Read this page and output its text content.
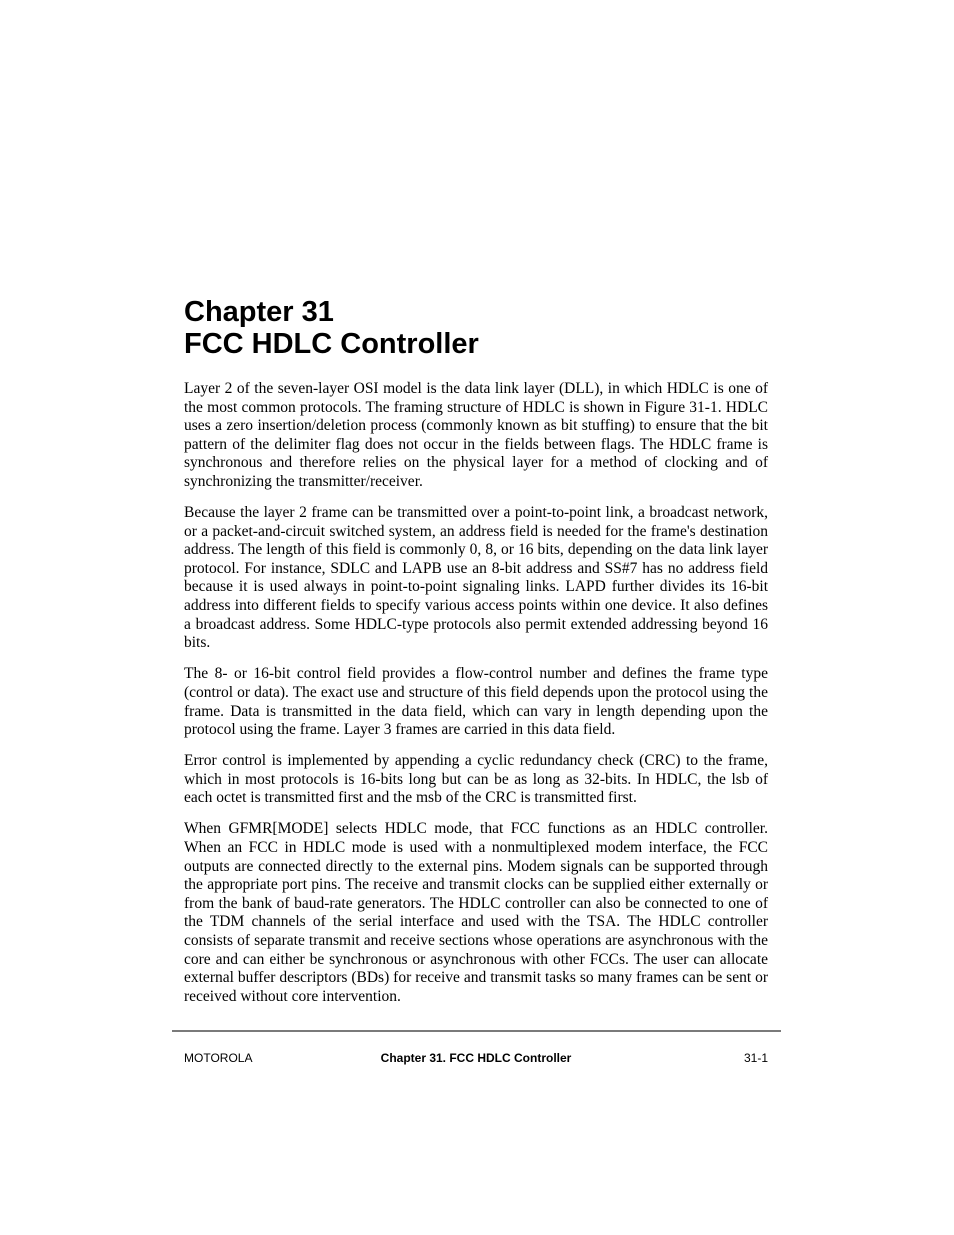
Chapter 31
FCC HDLC Controller

Layer 2 of the seven-layer OSI model is the data link layer (DLL), in which HDLC is one of the most common protocols. The framing structure of HDLC is shown in Figure 31-1. HDLC uses a zero insertion/deletion process (commonly known as bit stuffing) to ensure that the bit pattern of the delimiter flag does not occur in the fields between flags. The HDLC frame is synchronous and therefore relies on the physical layer for a method of clocking and of synchronizing the transmitter/receiver.

Because the layer 2 frame can be transmitted over a point-to-point link, a broadcast network, or a packet-and-circuit switched system, an address field is needed for the frame's destination address. The length of this field is commonly 0, 8, or 16 bits, depending on the data link layer protocol. For instance, SDLC and LAPB use an 8-bit address and SS#7 has no address field because it is used always in point-to-point signaling links. LAPD further divides its 16-bit address into different fields to specify various access points within one device. It also defines a broadcast address. Some HDLC-type protocols also permit extended addressing beyond 16 bits.

The 8- or 16-bit control field provides a flow-control number and defines the frame type (control or data). The exact use and structure of this field depends upon the protocol using the frame. Data is transmitted in the data field, which can vary in length depending upon the protocol using the frame. Layer 3 frames are carried in this data field.

Error control is implemented by appending a cyclic redundancy check (CRC) to the frame, which in most protocols is 16-bits long but can be as long as 32-bits. In HDLC, the lsb of each octet is transmitted first and the msb of the CRC is transmitted first.

When GFMR[MODE] selects HDLC mode, that FCC functions as an HDLC controller. When an FCC in HDLC mode is used with a nonmultiplexed modem interface, the FCC outputs are connected directly to the external pins. Modem signals can be supported through the appropriate port pins. The receive and transmit clocks can be supplied either externally or from the bank of baud-rate generators. The HDLC controller can also be connected to one of the TDM channels of the serial interface and used with the TSA. The HDLC controller consists of separate transmit and receive sections whose operations are asynchronous with the core and can either be synchronous or asynchronous with other FCCs. The user can allocate external buffer descriptors (BDs) for receive and transmit tasks so many frames can be sent or received without core intervention.

MOTOROLA	Chapter 31. FCC HDLC Controller	31-1
